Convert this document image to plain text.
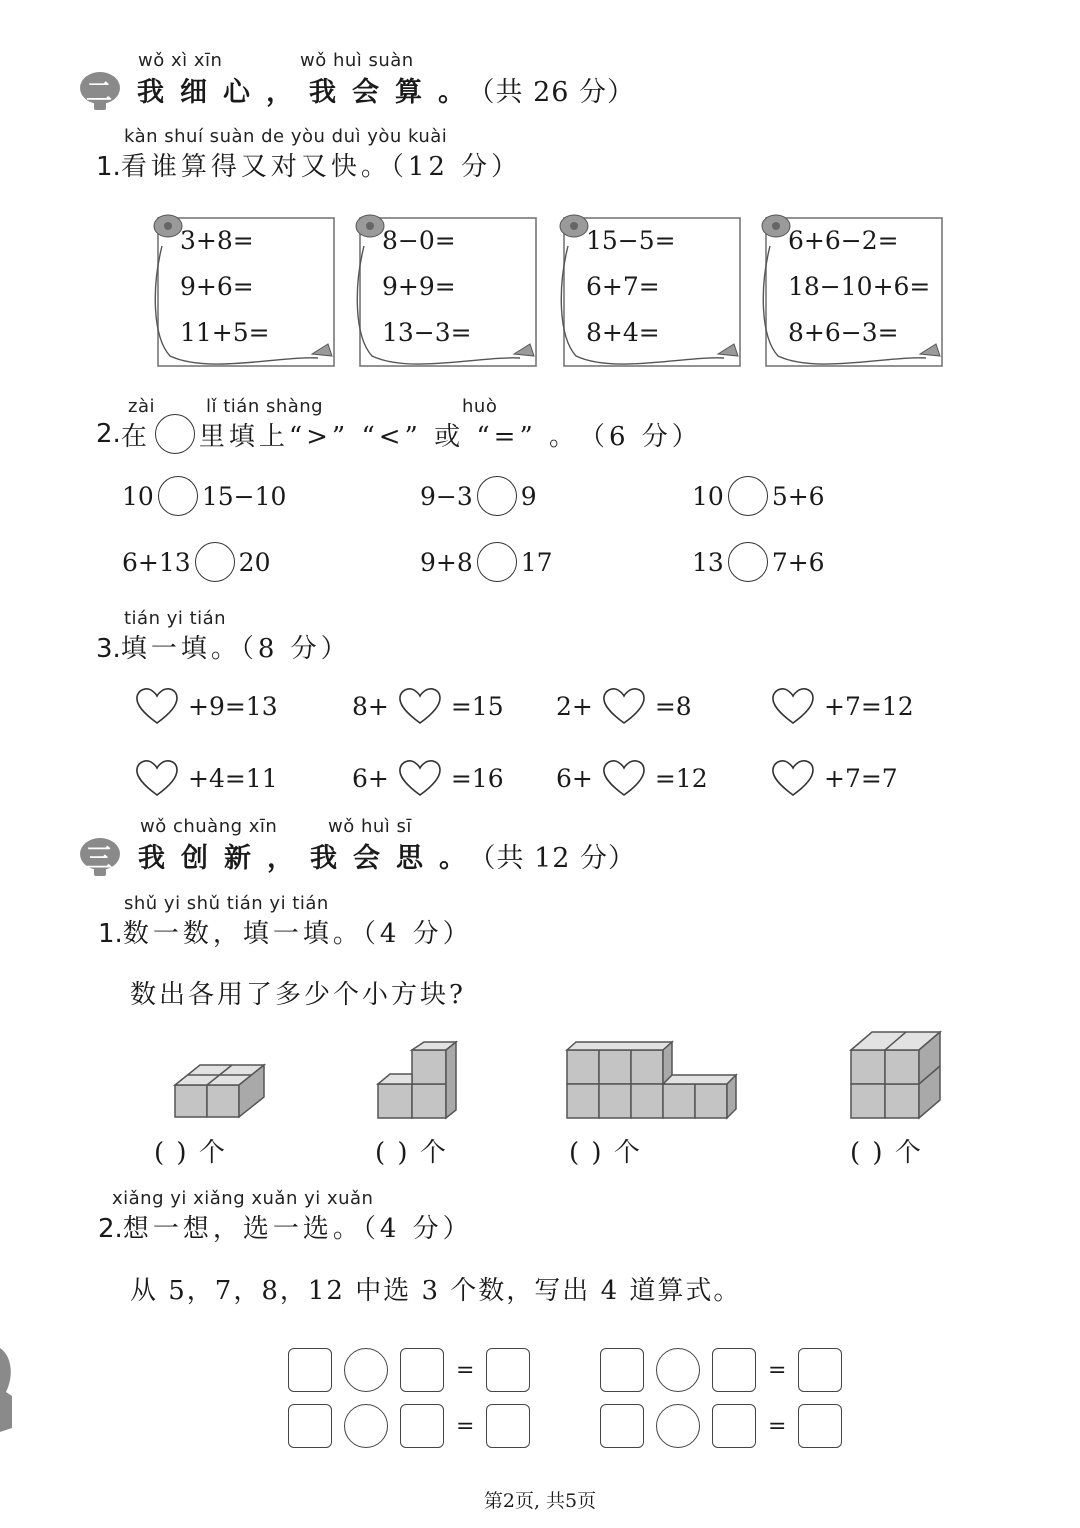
二
wǒ xì xīn	wǒ huì suàn
我细心，我会算。（共 26 分）
kàn shuí suàn de yòu duì yòu kuài
1.看谁算得又对又快。（12 分）
3+8=
9+6=
11+5=
8−0=
9+9=
13−3=
15−5=
6+7=
8+4=
6+6−2=
18−10+6=
8+6−3=
zài	lǐ tián shàng	huò
2. 在 里填上“>” “<” 或 “=” 。 （6 分）
10 15−10	9−3 9	10 5+6
6+13 20	9+8 17	13 7+6
tián yi tián
3.填一填。（8 分）
+9=13	8+ =15 2+ =8	+7=12
+4=11	6+ =16 6+ =12	+7=7
三
wǒ chuàng xīn	wǒ huì sī
我创新，我会思。（共 12 分）
shǔ yi shǔ tián yi tián
1.数一数，填一填。（4 分）
数出各用了多少个小方块?
( ) 个	( ) 个	( ) 个	( ) 个
xiǎng yi xiǎng xuǎn yi xuǎn
2.想一想，选一选。（4 分）
从 5，7，8，12 中选 3 个数，写出 4 道算式。
=	=
=	=
第2页, 共5页
